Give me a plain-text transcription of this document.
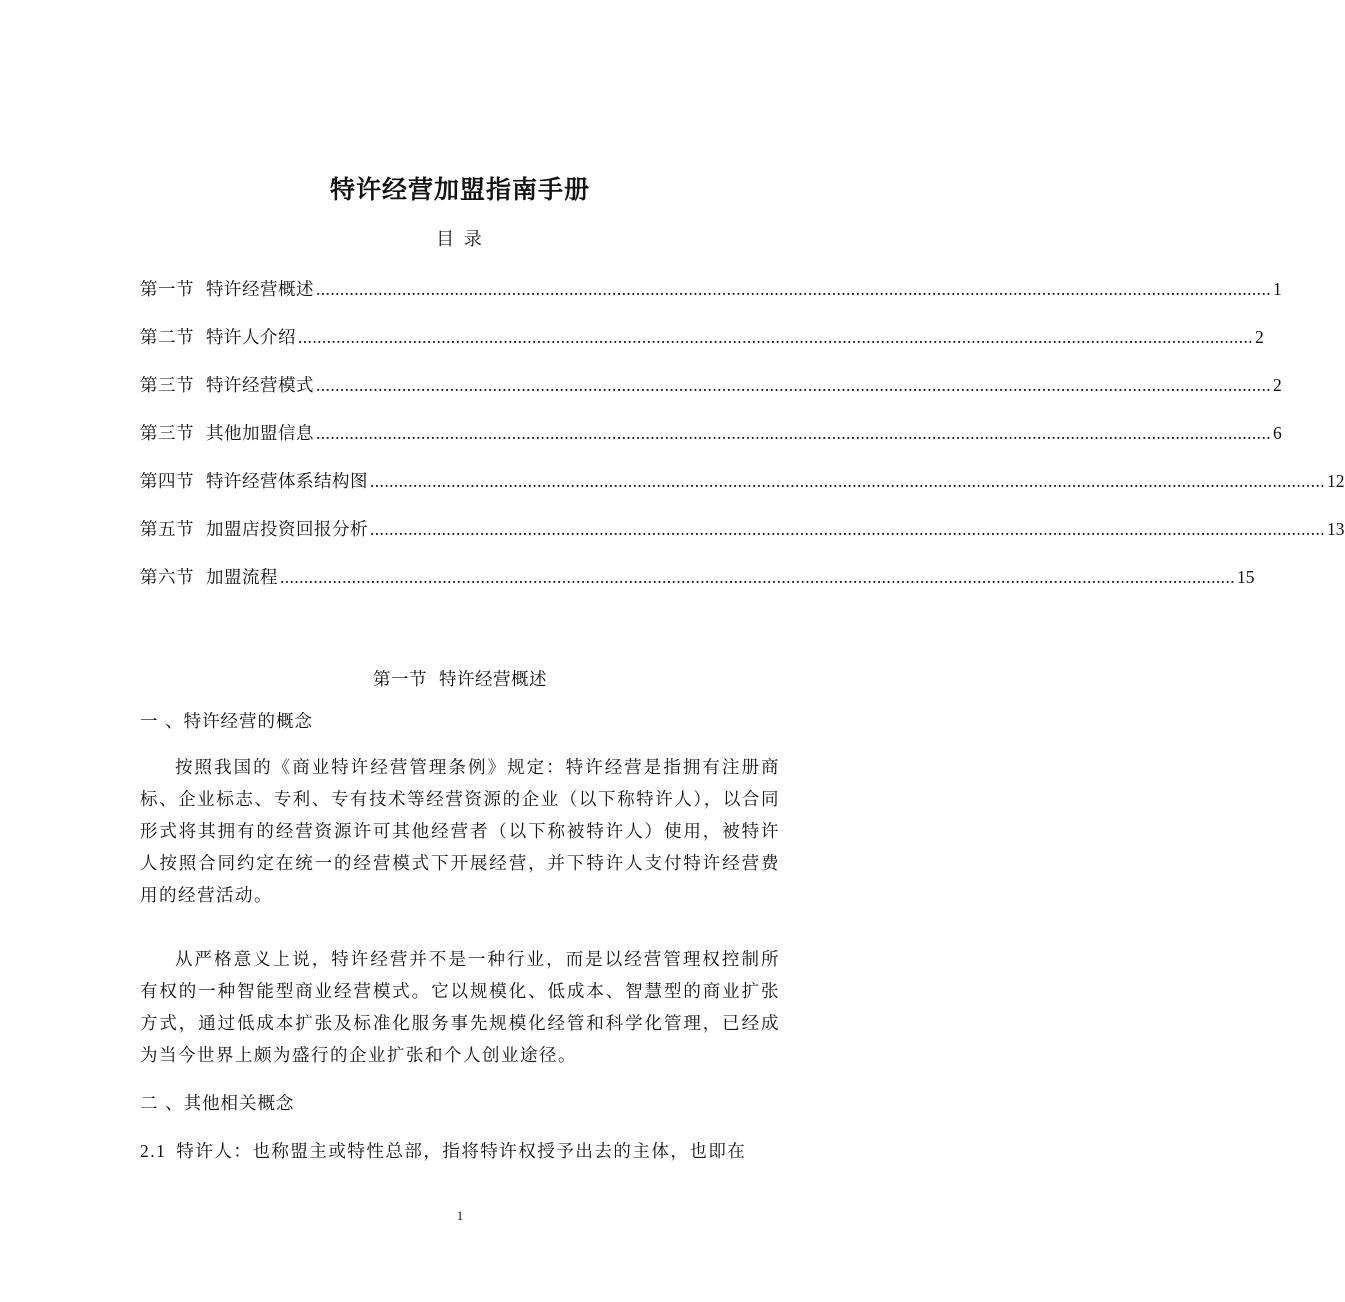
特许经营加盟指南手册
目 录
第一节 特许经营概述 ........................................................................................................................................................................................................ 1
第二节 特许人介绍 ........................................................................................................................................................................................................ 2
第三节 特许经营模式 ........................................................................................................................................................................................................ 2
第三节 其他加盟信息 ........................................................................................................................................................................................................ 6
第四节 特许经营体系结构图 ........................................................................................................................................................................................................ 12
第五节 加盟店投资回报分析 ........................................................................................................................................................................................................ 13
第六节 加盟流程 ........................................................................................................................................................................................................ 15
第一节 特许经营概述
一 、特许经营的概念

按照我国的《商业特许经营管理条例》规定：特许经营是指拥有注册商标、企业标志、专利、专有技术等经营资源的企业（以下称特许人），以合同形式将其拥有的经营资源许可其他经营者（以下称被特许人）使用，被特许人按照合同约定在统一的经营模式下开展经营，并下特许人支付特许经营费用的经营活动。

从严格意义上说，特许经营并不是一种行业，而是以经营管理权控制所有权的一种智能型商业经营模式。它以规模化、低成本、智慧型的商业扩张方式，通过低成本扩张及标准化服务事先规模化经管和科学化管理，已经成为当今世界上颇为盛行的企业扩张和个人创业途径。

二 、其他相关概念
2.1 特许人：也称盟主或特性总部，指将特许权授予出去的主体，也即在
1
